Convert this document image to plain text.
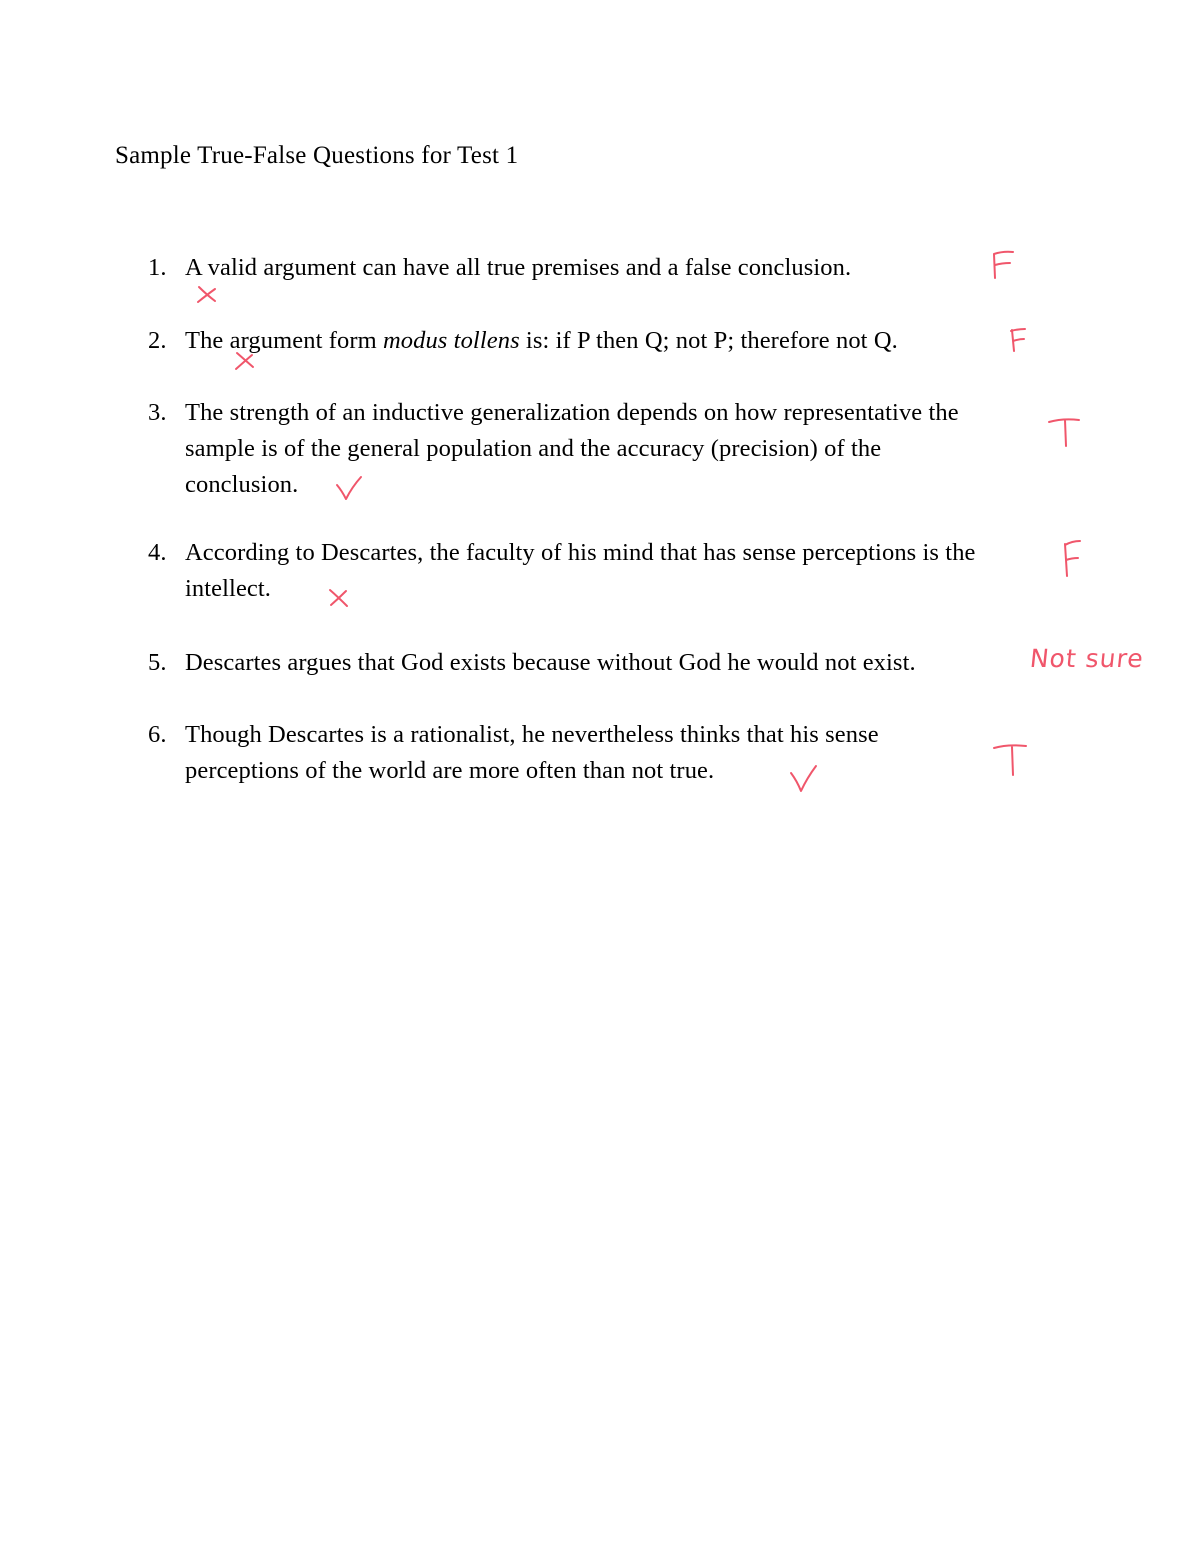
Sample True-False Questions for Test 1
1. A valid argument can have all true premises and a false conclusion.
2. The argument form modus tollens is: if P then Q; not P; therefore not Q.
3. The strength of an inductive generalization depends on how representative the sample is of the general population and the accuracy (precision) of the conclusion.
4. According to Descartes, the faculty of his mind that has sense perceptions is the intellect.
5. Descartes argues that God exists because without God he would not exist.
6. Though Descartes is a rationalist, he nevertheless thinks that his sense perceptions of the world are more often than not true.
Not sure
